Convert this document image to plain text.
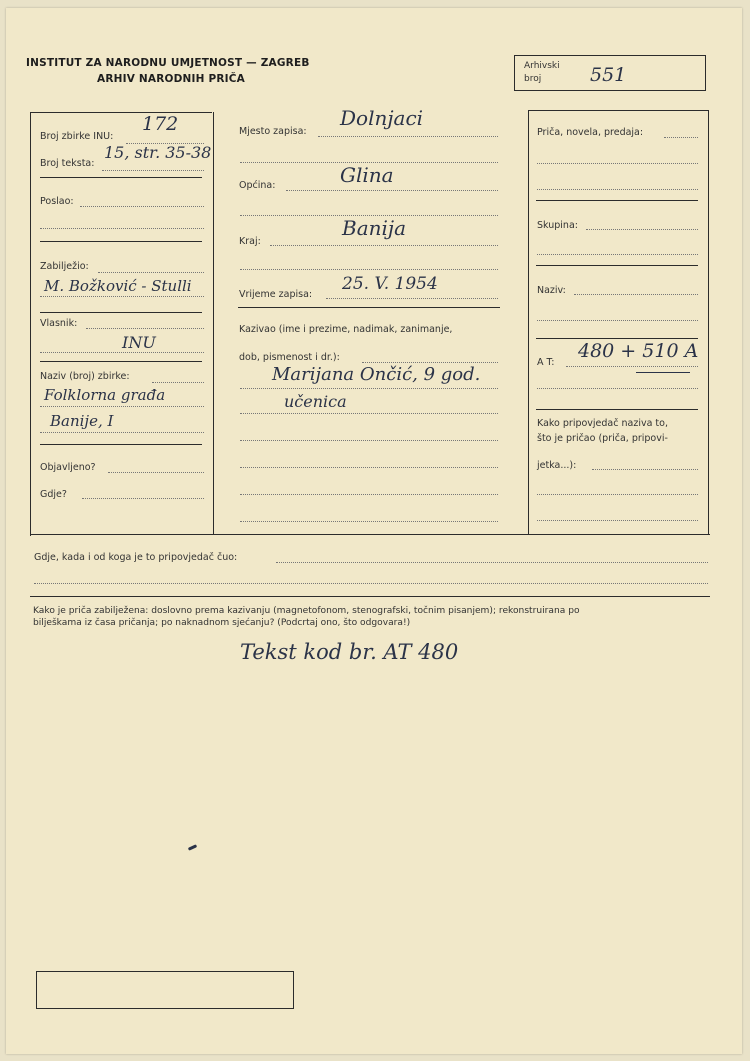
INSTITUT ZA NARODNU UMJETNOST — ZAGREB
ARHIV NARODNIH PRIČA
Arhivski
broj	551
Broj zbirke INU:
172
Broj teksta:
15, str. 35-38
Poslao:
Zabilježio:
M. Božković - Stulli
Vlasnik:
INU
Naziv (broj) zbirke:
Folklorna građa
Banije, I
Objavljeno?
Gdje?
Mjesto zapisa:
Dolnjaci
Općina:	Glina
Kraj:
Banija
Vrijeme zapisa:
25. V. 1954
Kazivao (ime i prezime, nadimak, zanimanje,
dob, pismenost i dr.):
Marijana Ončić, 9 god.
učenica
Priča, novela, predaja:
Skupina:
Naziv:
A T:
480 + 510 A
Kako pripovjedač naziva to,
što je pričao (priča, pripovi-
jetka...):
Gdje, kada i od koga je to pripovjedač čuo:
Kako je priča zabilježena: doslovno prema kazivanju (magnetofonom, stenografski, točnim pisanjem); rekonstruirana po
bilješkama iz časa pričanja; po naknadnom sjećanju? (Podcrtaj ono, što odgovara!)
Tekst kod br. AT 480
